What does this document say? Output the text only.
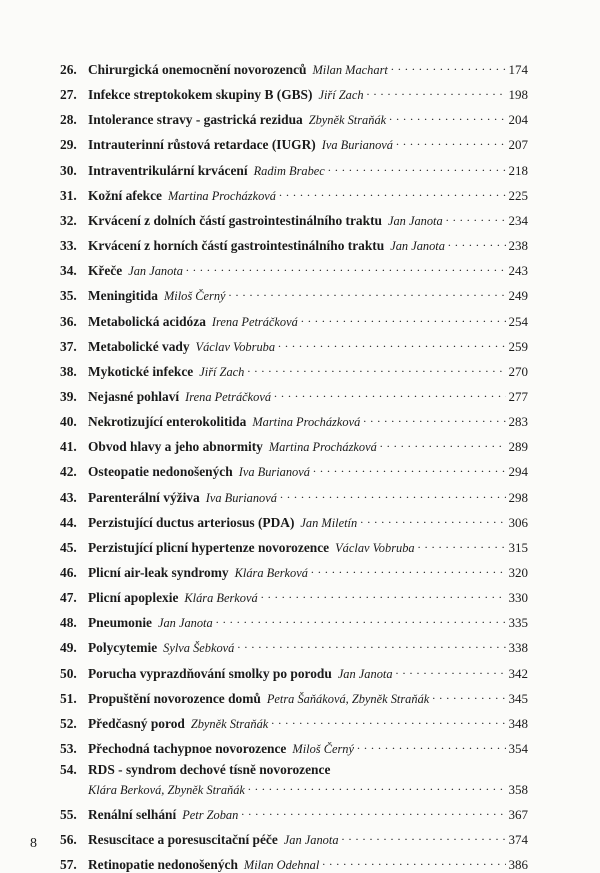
26. Chirurgická onemocnění novorozenců Milan Machart . . .	174
27. Infekce streptokokem skupiny B (GBS) Jiří Zach . . .	198
28. Intolerance stravy - gastrická rezidua Zbyněk Straňák . . .	204
29. Intrauterinní růstová retardace (IUGR) Iva Burianová . . .	207
30. Intraventrikulární krvácení Radim Brabec . . .	218
31. Kožní afekce Martina Procházková . . .	225
32. Krvácení z dolních částí gastrointestinálního traktu Jan Janota . . .	234
33. Krvácení z horních částí gastrointestinálního traktu Jan Janota . . .	238
34. Křeče Jan Janota . . .	243
35. Meningitida Miloš Černý . . .	249
36. Metabolická acidóza Irena Petráčková . . .	254
37. Metabolické vady Václav Vobruba . . .	259
38. Mykotické infekce Jiří Zach . . .	270
39. Nejasné pohlaví Irena Petráčková . . .	277
40. Nekrotizující enterokolitida Martina Procházková . . .	283
41. Obvod hlavy a jeho abnormity Martina Procházková . . .	289
42. Osteopatie nedonošených Iva Burianová . . .	294
43. Parenterální výživa Iva Burianová . . .	298
44. Perzistující ductus arteriosus (PDA) Jan Miletín . . .	306
45. Perzistující plicní hypertenze novorozence Václav Vobruba . . .	315
46. Plicní air-leak syndromy Klára Berková . . .	320
47. Plicní apoplexie Klára Berková . . .	330
48. Pneumonie Jan Janota . . .	335
49. Polycytemie Sylva Šebková . . .	338
50. Porucha vyprazdňování smolky po porodu Jan Janota . . .	342
51. Propuštění novorozence domů Petra Šaňáková, Zbyněk Straňák . . .	345
52. Předčasný porod Zbyněk Straňák . . .	348
53. Přechodná tachypnoe novorozence Miloš Černý . . .	354
54. RDS - syndrom dechové tísně novorozence
Klára Berková, Zbyněk Straňák . . .	358
55. Renální selhání Petr Zoban . . .	367
56. Resuscitace a poresuscitační péče Jan Janota . . .	374
57. Retinopatie nedonošených Milan Odehnal . . .	386
8
